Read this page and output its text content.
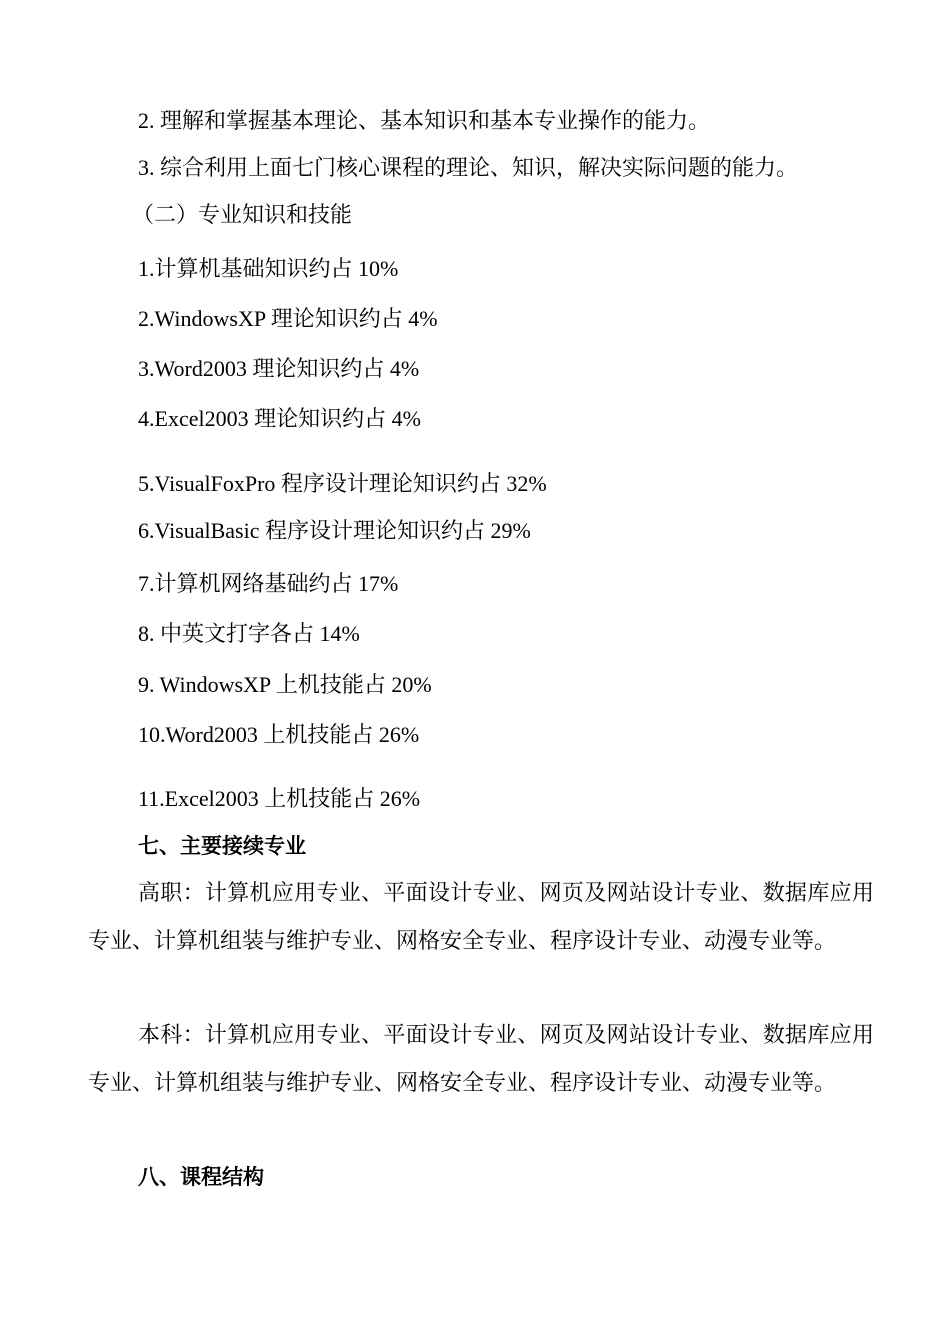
2. 理解和掌握基本理论、基本知识和基本专业操作的能力。
3. 综合利用上面七门核心课程的理论、知识，解决实际问题的能力。
（二）专业知识和技能
1.计算机基础知识约占 10%
2.WindowsXP 理论知识约占 4%
3.Word2003 理论知识约占 4%
4.Excel2003 理论知识约占 4%
5.VisualFoxPro 程序设计理论知识约占 32%
6.VisualBasic 程序设计理论知识约占 29%
7.计算机网络基础约占 17%
8. 中英文打字各占 14%
9. WindowsXP 上机技能占 20%
10.Word2003 上机技能占 26%
11.Excel2003 上机技能占 26%
七、主要接续专业
高职：计算机应用专业、平面设计专业、网页及网站设计专业、数据库应用专业、计算机组装与维护专业、网格安全专业、程序设计专业、动漫专业等。
本科：计算机应用专业、平面设计专业、网页及网站设计专业、数据库应用专业、计算机组装与维护专业、网格安全专业、程序设计专业、动漫专业等。
八、课程结构
